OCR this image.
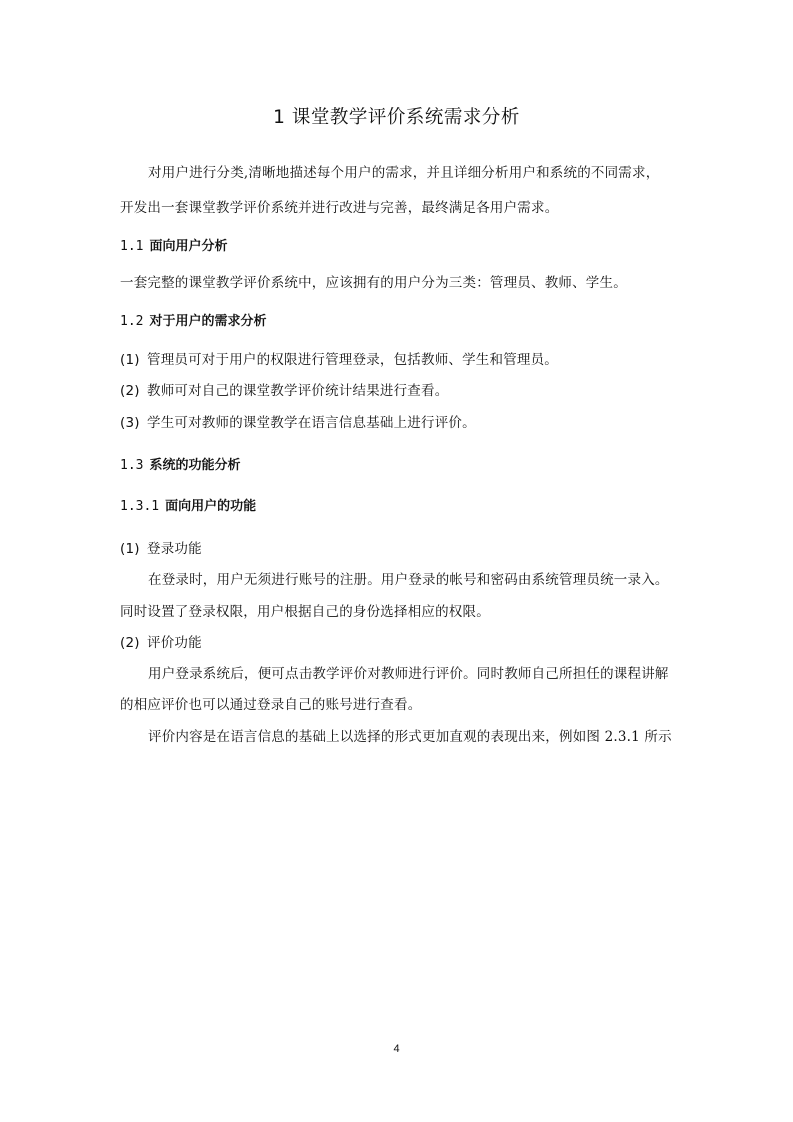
1 课堂教学评价系统需求分析
对用户进行分类,清晰地描述每个用户的需求，并且详细分析用户和系统的不同需求，
开发出一套课堂教学评价系统并进行改进与完善，最终满足各用户需求。
1.1 面向用户分析
一套完整的课堂教学评价系统中，应该拥有的用户分为三类：管理员、教师、学生。
1.2 对于用户的需求分析
(1) 管理员可对于用户的权限进行管理登录，包括教师、学生和管理员。
(2) 教师可对自己的课堂教学评价统计结果进行查看。
(3) 学生可对教师的课堂教学在语言信息基础上进行评价。
1.3 系统的功能分析
1.3.1 面向用户的功能
(1) 登录功能
在登录时，用户无须进行账号的注册。用户登录的帐号和密码由系统管理员统一录入。
同时设置了登录权限，用户根据自己的身份选择相应的权限。
(2) 评价功能
用户登录系统后，便可点击教学评价对教师进行评价。同时教师自己所担任的课程讲解
的相应评价也可以通过登录自己的账号进行查看。
评价内容是在语言信息的基础上以选择的形式更加直观的表现出来，例如图 2.3.1 所示
4
